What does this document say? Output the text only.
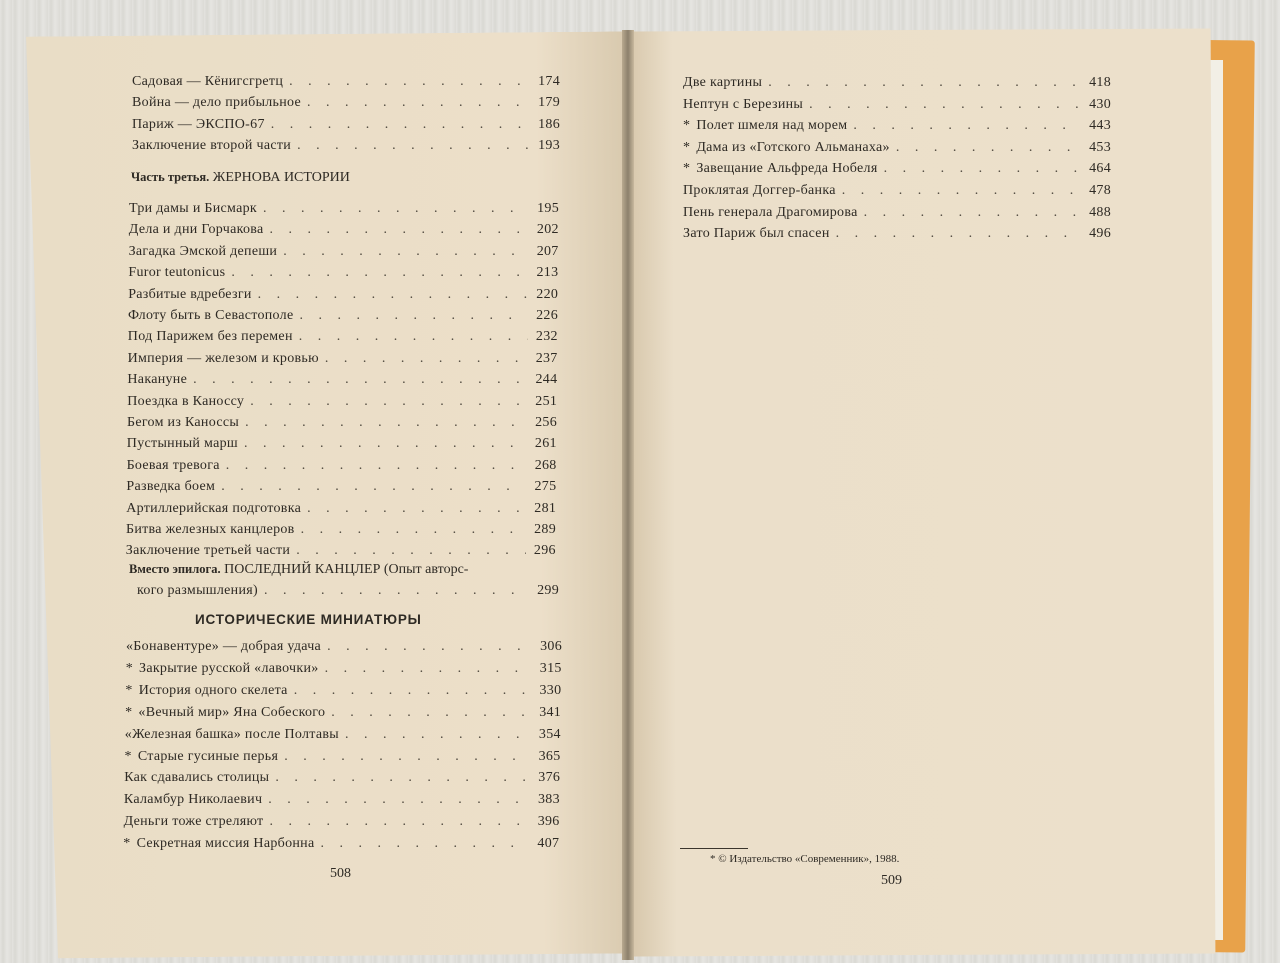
Садовая — Кёнигсгретц . . .	174
Война — дело прибыльное . . .	179
Париж — ЭКСПО-67 . . .	186
Заключение второй части . . .	193
Три дамы и Бисмарк . . .	195
Дела и дни Горчакова . . .	202
Загадка Эмской депеши . . .	207
Furor teutonicus . . .	213
Разбитые вдребезги . . .	220
Флоту быть в Севастополе . . .	226
Под Парижем без перемен . . .	232
Империя — железом и кровью . . .	237
Накануне . . .	244
Поездка в Каноссу . . .	251
Бегом из Каноссы . . .	256
Пустынный марш . . .	261
Боевая тревога . . .	268
Разведка боем . . .	275
Артиллерийская подготовка . . .	281
Битва железных канцлеров . . .	289
Заключение третьей части . . .	296
«Бонавентуре» — добрая удача . . .	306
* Закрытие русской «лавочки» . . .	315
* История одного скелета . . .	330
* «Вечный мир» Яна Собеского . . .	341
«Железная башка» после Полтавы . . .	354
* Старые гусиные перья . . .	365
Как сдавались столицы . . .	376
Каламбур Николаевич . . .	383
Деньги тоже стреляют . . .	396
* Секретная миссия Нарбонна . . .	407
Две картины . . .	418
Нептун с Березины . . .	430
* Полет шмеля над морем . . .	443
* Дама из «Готского Альманаха» . . .	453
* Завещание Альфреда Нобеля . . .	464
Проклятая Доггер-банка . . .	478
Пень генерала Драгомирова . . .	488
Зато Париж был спасен . . .	496
Часть третья. ЖЕРНОВА ИСТОРИИ
Вместо эпилога. ПОСЛЕДНИЙ КАНЦЛЕР (Опыт авторс-
кого размышления) . . .	299
ИСТОРИЧЕСКИЕ МИНИАТЮРЫ
508
* © Издательство «Современник», 1988.
509
